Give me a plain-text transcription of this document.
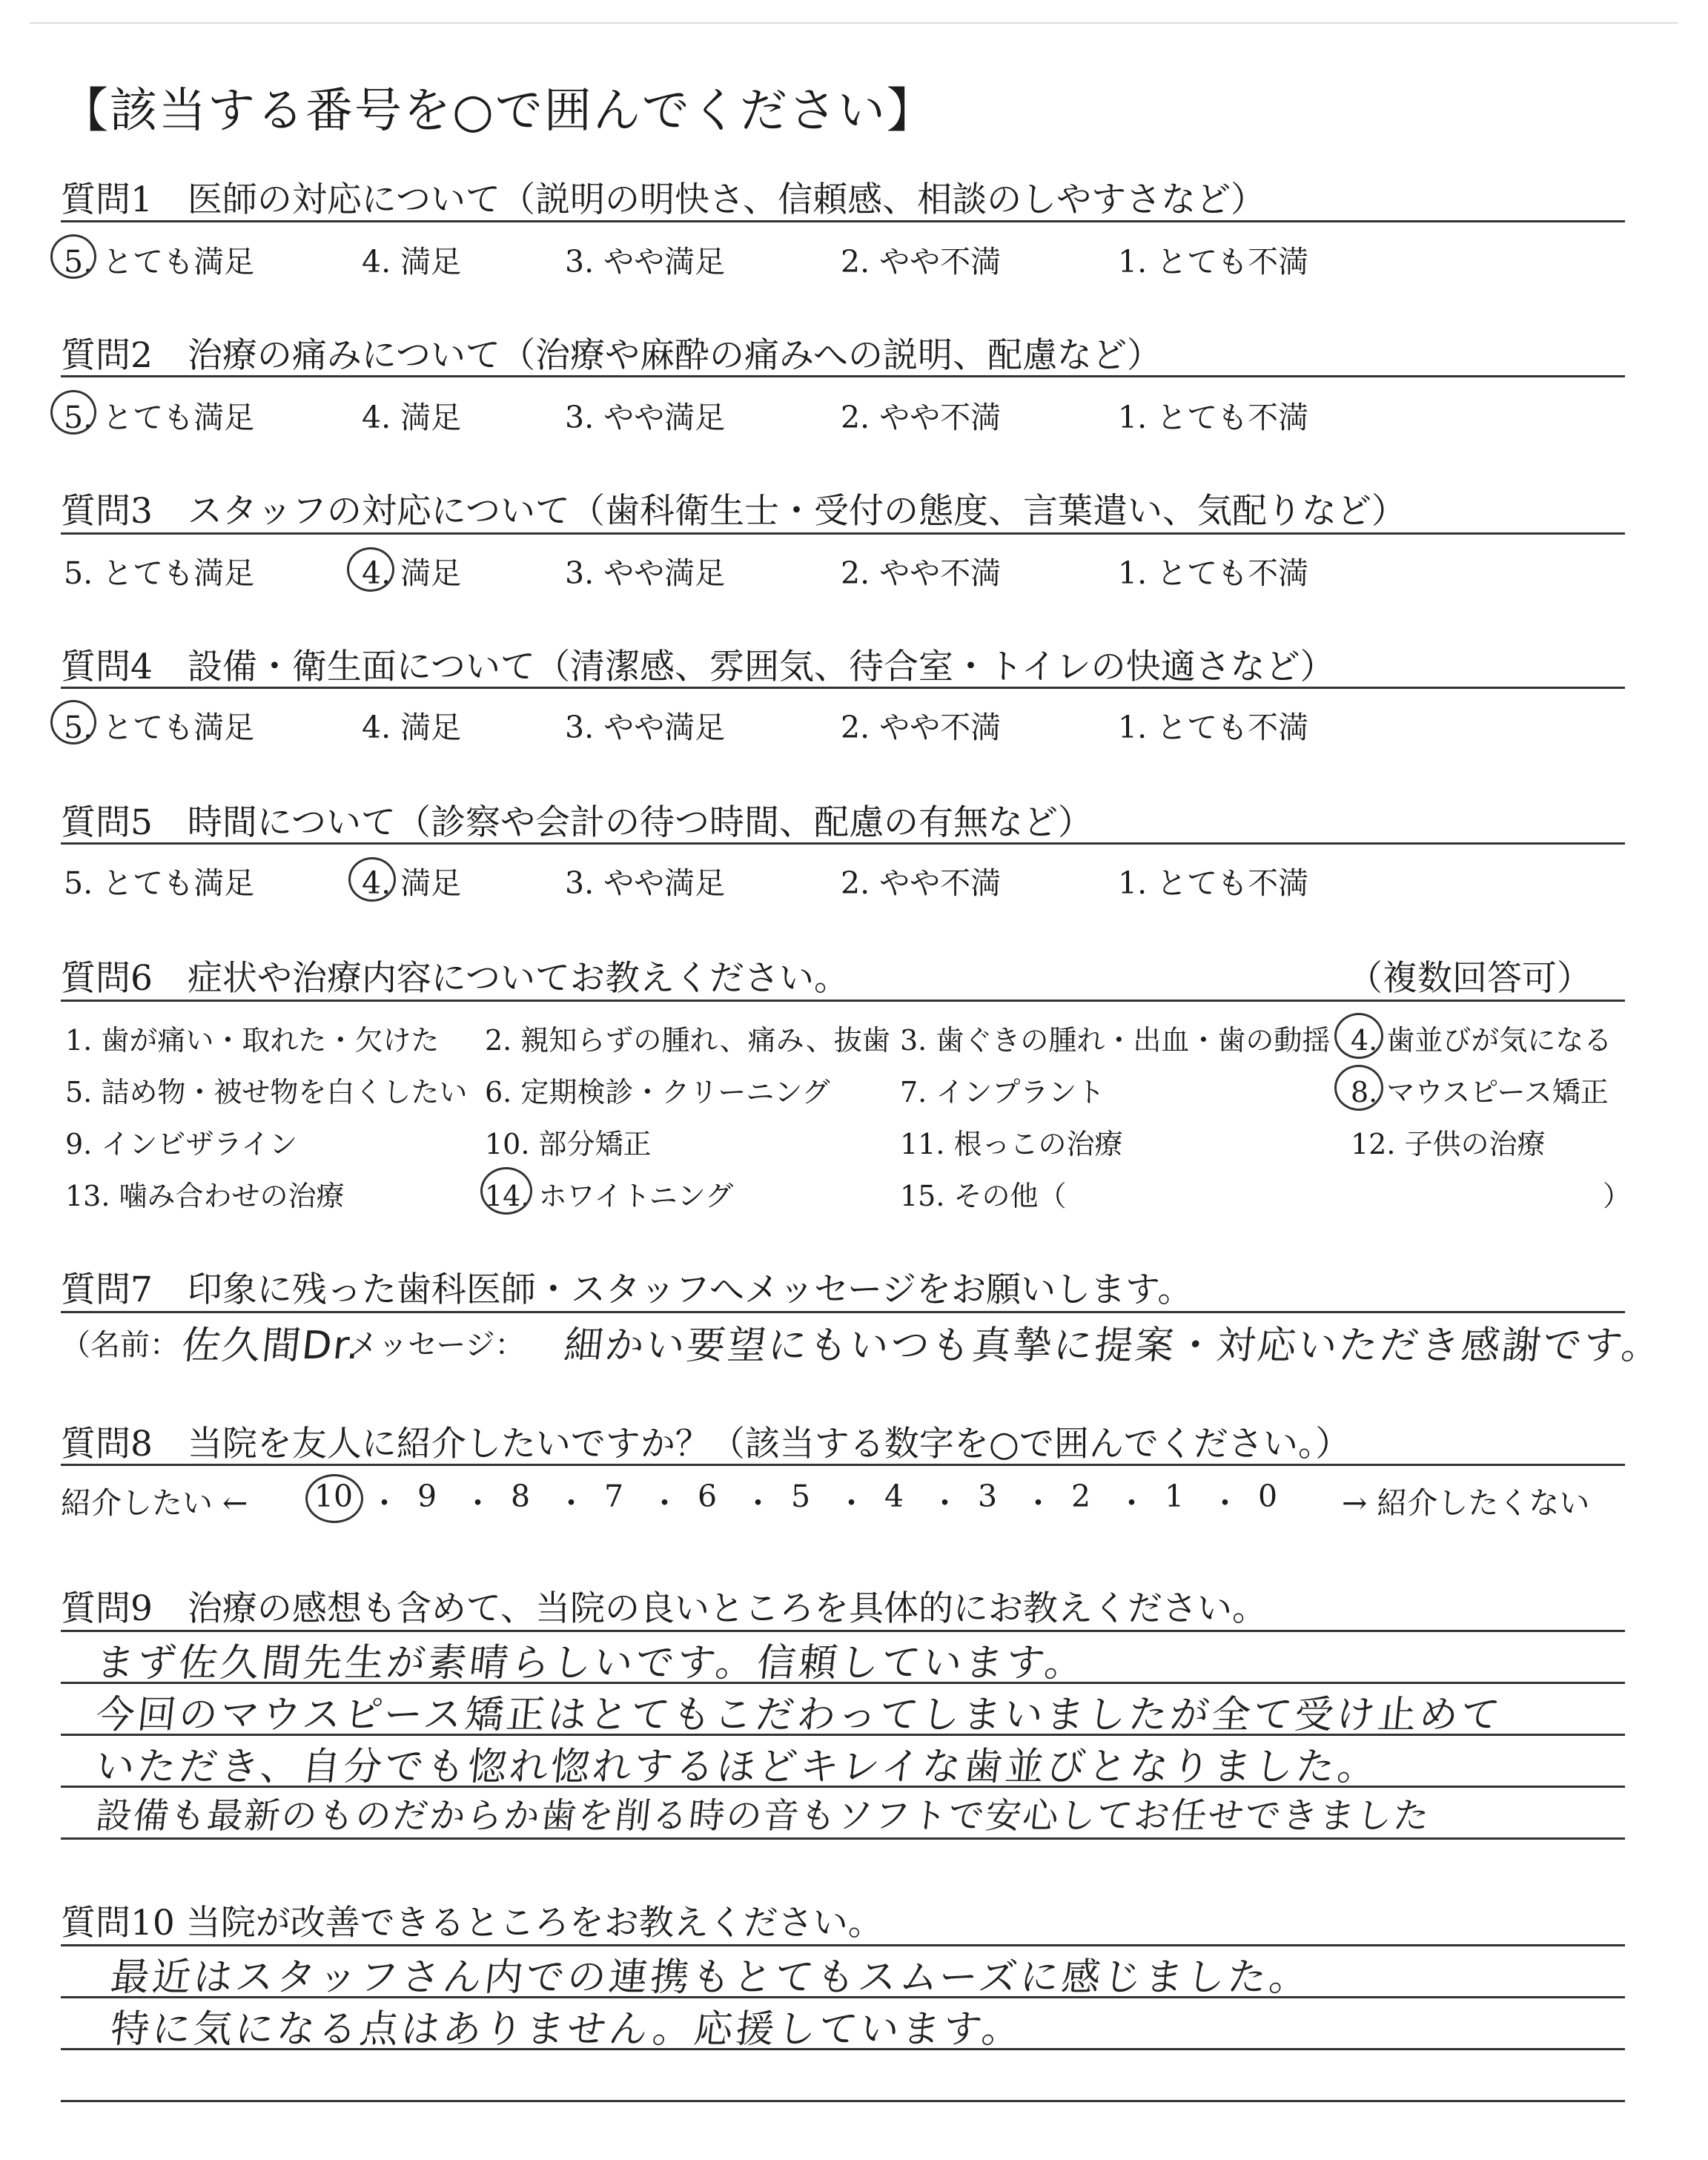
【該当する番号を○で囲んでください】
質問1　医師の対応について（説明の明快さ、信頼感、相談のしやすさなど）
5. とても満足	4. 満足	3. やや満足	2. やや不満	1. とても不満
質問2　治療の痛みについて（治療や麻酔の痛みへの説明、配慮など）
5. とても満足	4. 満足	3. やや満足	2. やや不満	1. とても不満
質問3　スタッフの対応について（歯科衛生士・受付の態度、言葉遣い、気配りなど）
5. とても満足	4. 満足	3. やや満足	2. やや不満	1. とても不満
質問4　設備・衛生面について（清潔感、雰囲気、待合室・トイレの快適さなど）
5. とても満足	4. 満足	3. やや満足	2. やや不満	1. とても不満
質問5　時間について（診察や会計の待つ時間、配慮の有無など）
5. とても満足	4. 満足	3. やや満足	2. やや不満	1. とても不満
質問6　症状や治療内容についてお教えください。	（複数回答可）
1. 歯が痛い・取れた・欠けた 2. 親知らずの腫れ、痛み、抜歯 3. 歯ぐきの腫れ・出血・歯の動揺 4. 歯並びが気になる
5. 詰め物・被せ物を白くしたい 6. 定期検診・クリーニング 7. インプラント	8. マウスピース矯正
9. インビザライン	10. 部分矯正	11. 根っこの治療	12. 子供の治療
13. 噛み合わせの治療	14. ホワイトニング	15. その他（	）
質問7　印象に残った歯科医師・スタッフへメッセージをお願いします。
（名前： 佐久間Dr.
メッセージ： 細かい要望にもいつも真摯に提案・対応いただき感謝です。
質問8　当院を友人に紹介したいですか？（該当する数字を○で囲んでください。）
紹介したい ←	→ 紹介したくない
10 ・ 9 ・ 8 ・ 7 ・ 6 ・ 5 ・ 4 ・ 3 ・ 2 ・ 1 ・ 0
質問9　治療の感想も含めて、当院の良いところを具体的にお教えください。
まず佐久間先生が素晴らしいです。信頼しています。
今回のマウスピース矯正はとてもこだわってしまいましたが全て受け止めて
いただき、自分でも惚れ惚れするほどキレイな歯並びとなりました。
設備も最新のものだからか歯を削る時の音もソフトで安心してお任せできました
質問10 当院が改善できるところをお教えください。
最近はスタッフさん内での連携もとてもスムーズに感じました。
特に気になる点はありません。応援しています。
